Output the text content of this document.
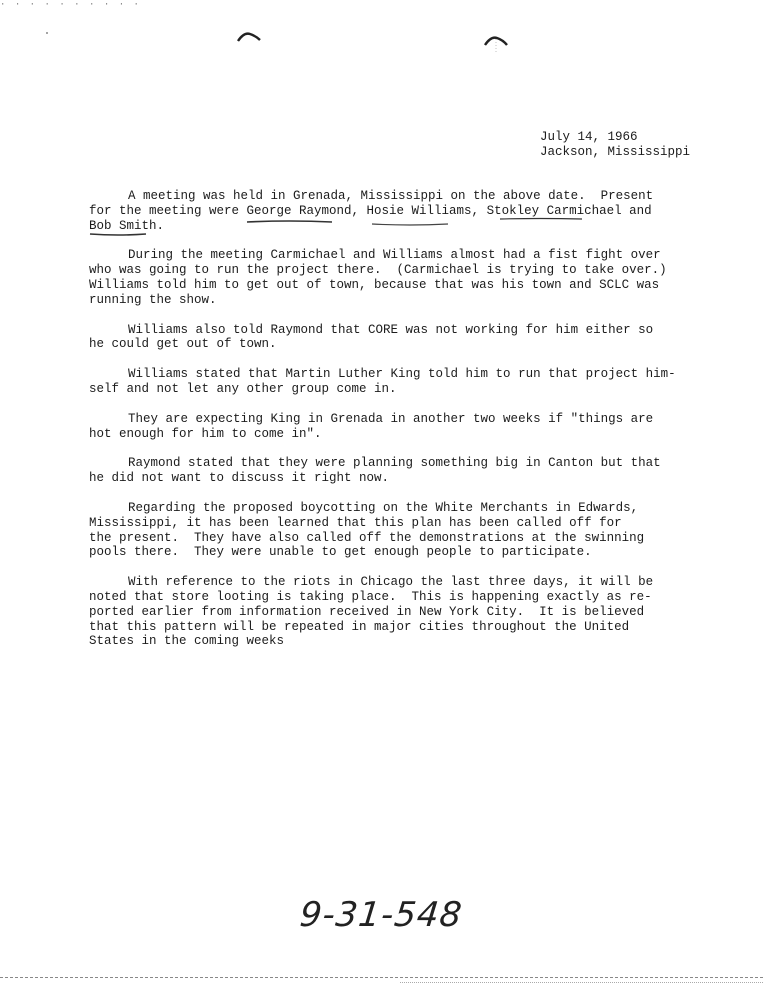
· · · · · · · · · ·
July 14, 1966
Jackson, Mississippi
A meeting was held in Grenada, Mississippi on the above date.  Present
for the meeting were George Raymond, Hosie Williams, Stokley Carmichael and
Bob Smith.
During the meeting Carmichael and Williams almost had a fist fight over
who was going to run the project there.  (Carmichael is trying to take over.)
Williams told him to get out of town, because that was his town and SCLC was
running the show.
Williams also told Raymond that CORE was not working for him either so
he could get out of town.
Williams stated that Martin Luther King told him to run that project him-
self and not let any other group come in.
They are expecting King in Grenada in another two weeks if "things are
hot enough for him to come in".
Raymond stated that they were planning something big in Canton but that
he did not want to discuss it right now.
Regarding the proposed boycotting on the White Merchants in Edwards,
Mississippi, it has been learned that this plan has been called off for
the present.  They have also called off the demonstrations at the swinning
pools there.  They were unable to get enough people to participate.
With reference to the riots in Chicago the last three days, it will be
noted that store looting is taking place.  This is happening exactly as re-
ported earlier from information received in New York City.  It is believed
that this pattern will be repeated in major cities throughout the United
States in the coming weeks
9-31-548
